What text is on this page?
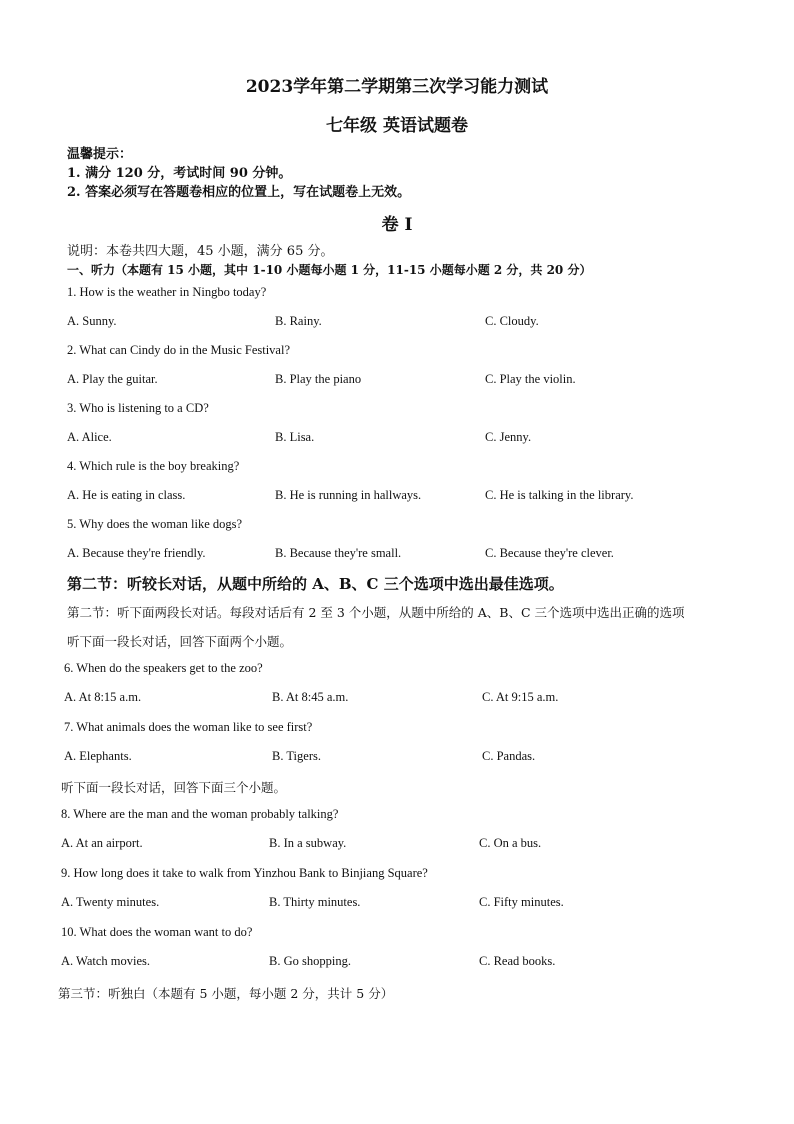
2023学年第二学期第三次学习能力测试
七年级 英语试题卷
温馨提示：
1. 满分 120 分，考试时间 90 分钟。
2. 答案必须写在答题卷相应的位置上，写在试题卷上无效。
卷 I
说明：本卷共四大题，45 小题，满分 65 分。
一、听力（本题有 15 小题，其中 1-10 小题每小题 1 分，11-15 小题每小题 2 分，共 20 分）
1. How is the weather in Ningbo today?
A. Sunny.	B. Rainy.	C. Cloudy.
2. What can Cindy do in the Music Festival?
A. Play the guitar.	B. Play the piano	C. Play the violin.
3. Who is listening to a CD?
A. Alice.	B. Lisa.	C. Jenny.
4. Which rule is the boy breaking?
A. He is eating in class.	B. He is running in hallways.	C. He is talking in the library.
5. Why does the woman like dogs?
A. Because they're friendly.	B. Because they're small.	C. Because they're clever.
第二节：听较长对话，从题中所给的 A、B、C 三个选项中选出最佳选项。
第二节：听下面两段长对话。每段对话后有 2 至 3 个小题，从题中所给的 A、B、C 三个选项中选出正确的选项
听下面一段长对话，回答下面两个小题。
6. When do the speakers get to the zoo?
A. At 8:15 a.m.	B. At 8:45 a.m.	C. At 9:15 a.m.
7. What animals does the woman like to see first?
A. Elephants.	B. Tigers.	C. Pandas.
听下面一段长对话，回答下面三个小题。
8. Where are the man and the woman probably talking?
A. At an airport.	B. In a subway.	C. On a bus.
9. How long does it take to walk from Yinzhou Bank to Binjiang Square?
A. Twenty minutes.	B. Thirty minutes.	C. Fifty minutes.
10. What does the woman want to do?
A. Watch movies.	B. Go shopping.	C. Read books.
第三节：听独白（本题有 5 小题，每小题 2 分，共计 5 分）
